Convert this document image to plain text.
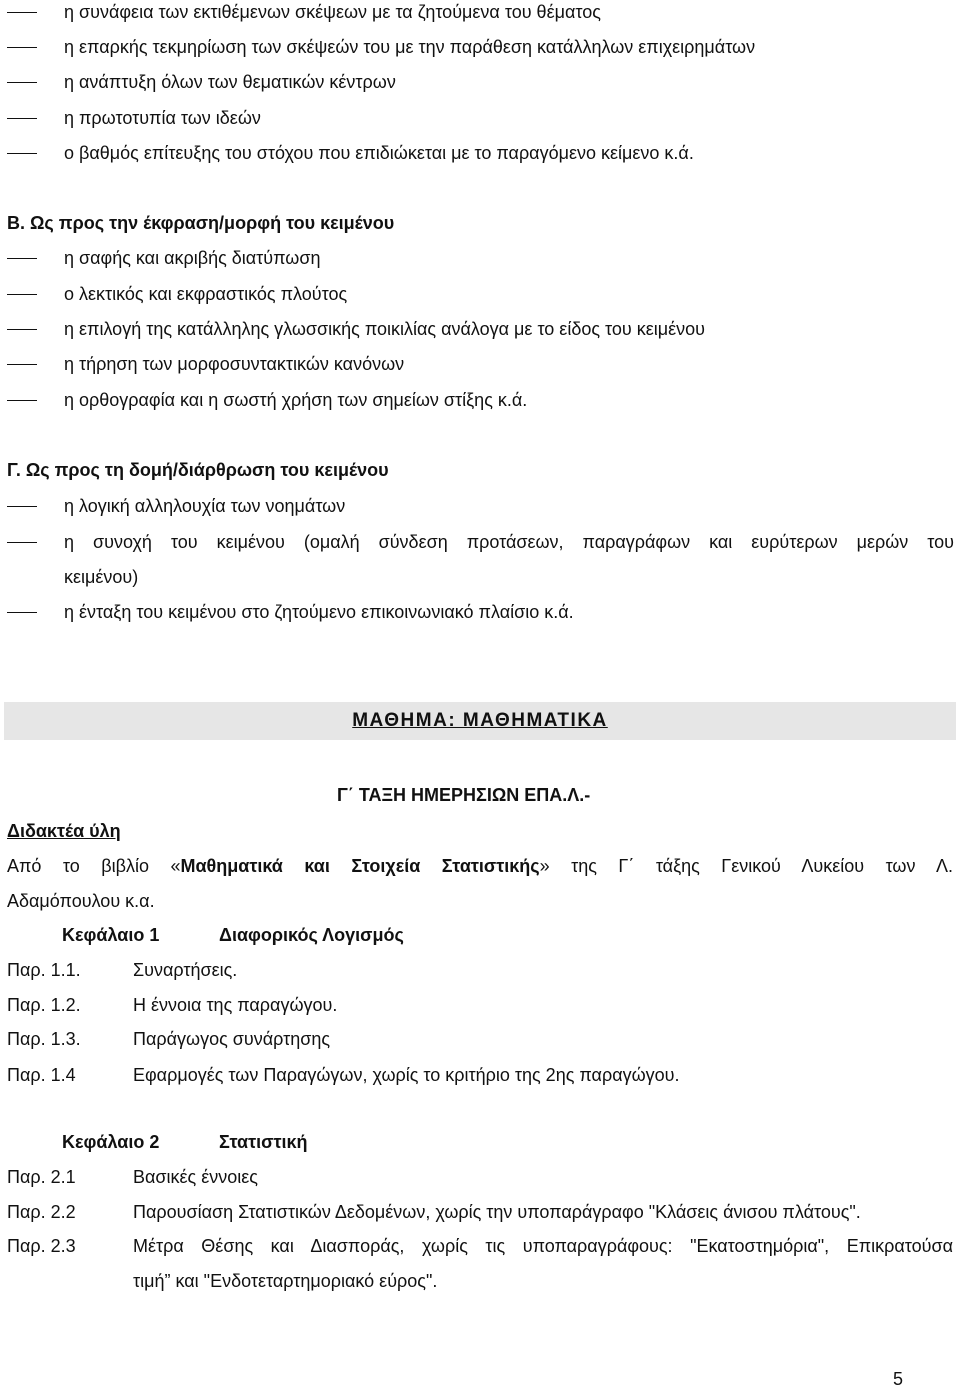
η συνάφεια των εκτιθέμενων σκέψεων με τα ζητούμενα του θέματος
η επαρκής τεκμηρίωση των σκέψεών του με την παράθεση κατάλληλων επιχειρημάτων
η ανάπτυξη όλων των θεματικών κέντρων
η πρωτοτυπία των ιδεών
ο βαθμός επίτευξης του στόχου που επιδιώκεται με το παραγόμενο κείμενο κ.ά.
Β. Ως προς την έκφραση/μορφή του κειμένου
η σαφής και ακριβής διατύπωση
ο λεκτικός και εκφραστικός πλούτος
η επιλογή της κατάλληλης γλωσσικής ποικιλίας ανάλογα με το είδος του κειμένου
η τήρηση των μορφοσυντακτικών κανόνων
η ορθογραφία και η σωστή χρήση των σημείων στίξης κ.ά.
Γ. Ως προς τη δομή/διάρθρωση του κειμένου
η λογική αλληλουχία των νοημάτων
η συνοχή του κειμένου (ομαλή σύνδεση προτάσεων, παραγράφων και ευρύτερων μερών του
κειμένου)
η ένταξη του κειμένου στο ζητούμενο επικοινωνιακό πλαίσιο κ.ά.
ΜΑΘΗΜΑ: ΜΑΘΗΜΑΤΙΚΑ
Γ΄ ΤΑΞΗ ΗΜΕΡΗΣΙΩΝ ΕΠΑ.Λ.-
Διδακτέα ύλη
Από το βιβλίο «Μαθηματικά και Στοιχεία Στατιστικής» της Γ΄ τάξης Γενικού Λυκείου των Λ.
Αδαμόπουλου κ.α.
Κεφάλαιο 1	Διαφορικός Λογισμός
Παρ. 1.1.	Συναρτήσεις.
Παρ. 1.2.	Η έννοια της παραγώγου.
Παρ. 1.3.	Παράγωγος συνάρτησης
Παρ. 1.4	Εφαρμογές των Παραγώγων, χωρίς το κριτήριο της 2ης παραγώγου.
Κεφάλαιο 2	Στατιστική
Παρ. 2.1	Βασικές έννοιες
Παρ. 2.2	Παρουσίαση Στατιστικών Δεδομένων, χωρίς την υποπαράγραφο "Κλάσεις άνισου πλάτους".
Παρ. 2.3	Μέτρα Θέσης και Διασποράς, χωρίς τις υποπαραγράφους: "Εκατοστημόρια", Επικρατούσα
τιμή” και "Ενδοτεταρτημοριακό εύρος".
5
